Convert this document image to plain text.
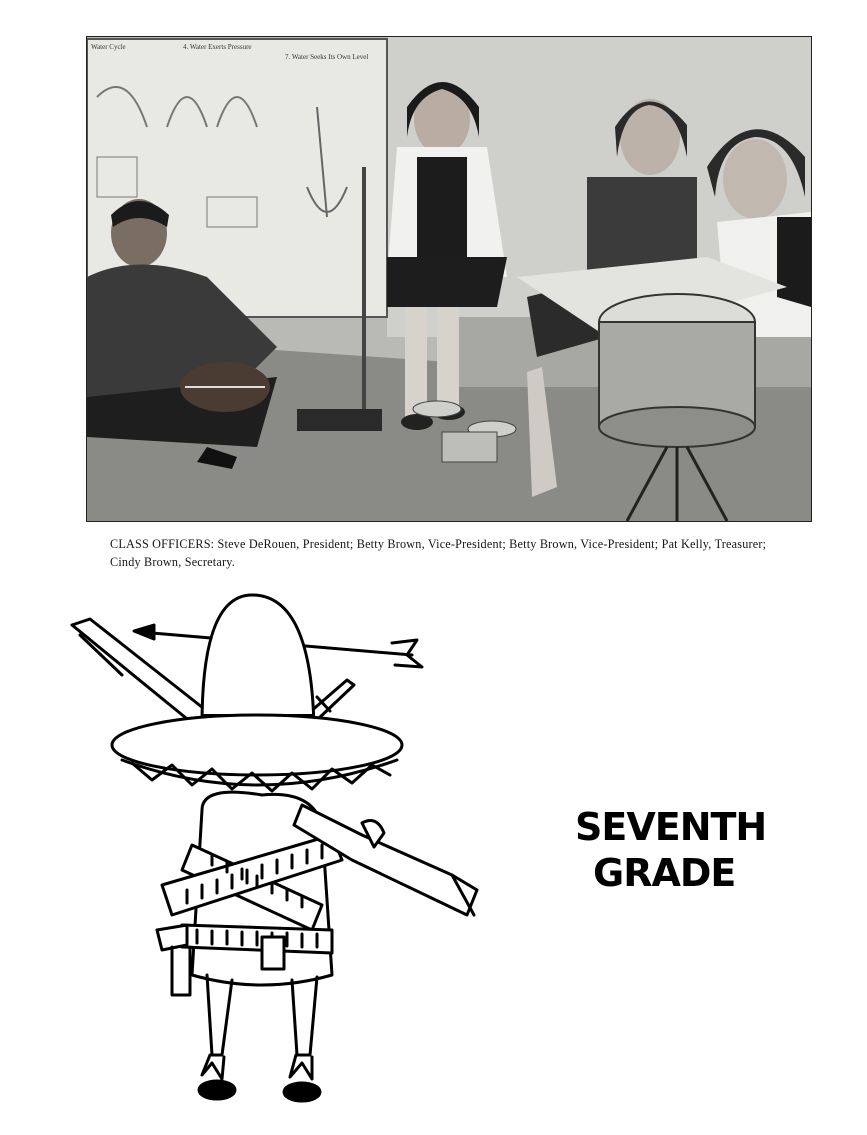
Water Cycle	4. Water Exerts Pressure
7. Water Seeks Its Own Level
CLASS OFFICERS: Steve DeRouen, President; Betty Brown, Vice-President; Betty Brown, Vice-President; Pat Kelly, Treasurer; Cindy Brown, Secretary.
SEVENTH
GRADE
